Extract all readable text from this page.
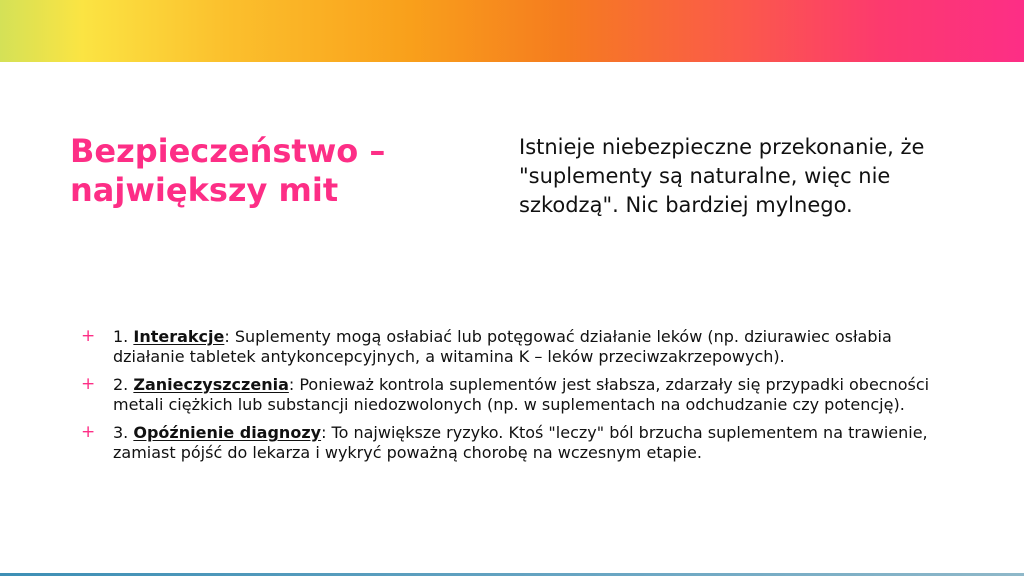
Bezpieczeństwo – największy mit

Istnieje niebezpieczne przekonanie, że "suplementy są naturalne, więc nie szkodzą". Nic bardziej mylnego.

+ 1. Interakcje: Suplementy mogą osłabiać lub potęgować działanie leków (np. dziurawiec osłabia działanie tabletek antykoncepcyjnych, a witamina K – leków przeciwzakrzepowych).
+ 2. Zanieczyszczenia: Ponieważ kontrola suplementów jest słabsza, zdarzały się przypadki obecności metali ciężkich lub substancji niedozwolonych (np. w suplementach na odchudzanie czy potencję).
+ 3. Opóźnienie diagnozy: To największe ryzyko. Ktoś "leczy" ból brzucha suplementem na trawienie, zamiast pójść do lekarza i wykryć poważną chorobę na wczesnym etapie.
